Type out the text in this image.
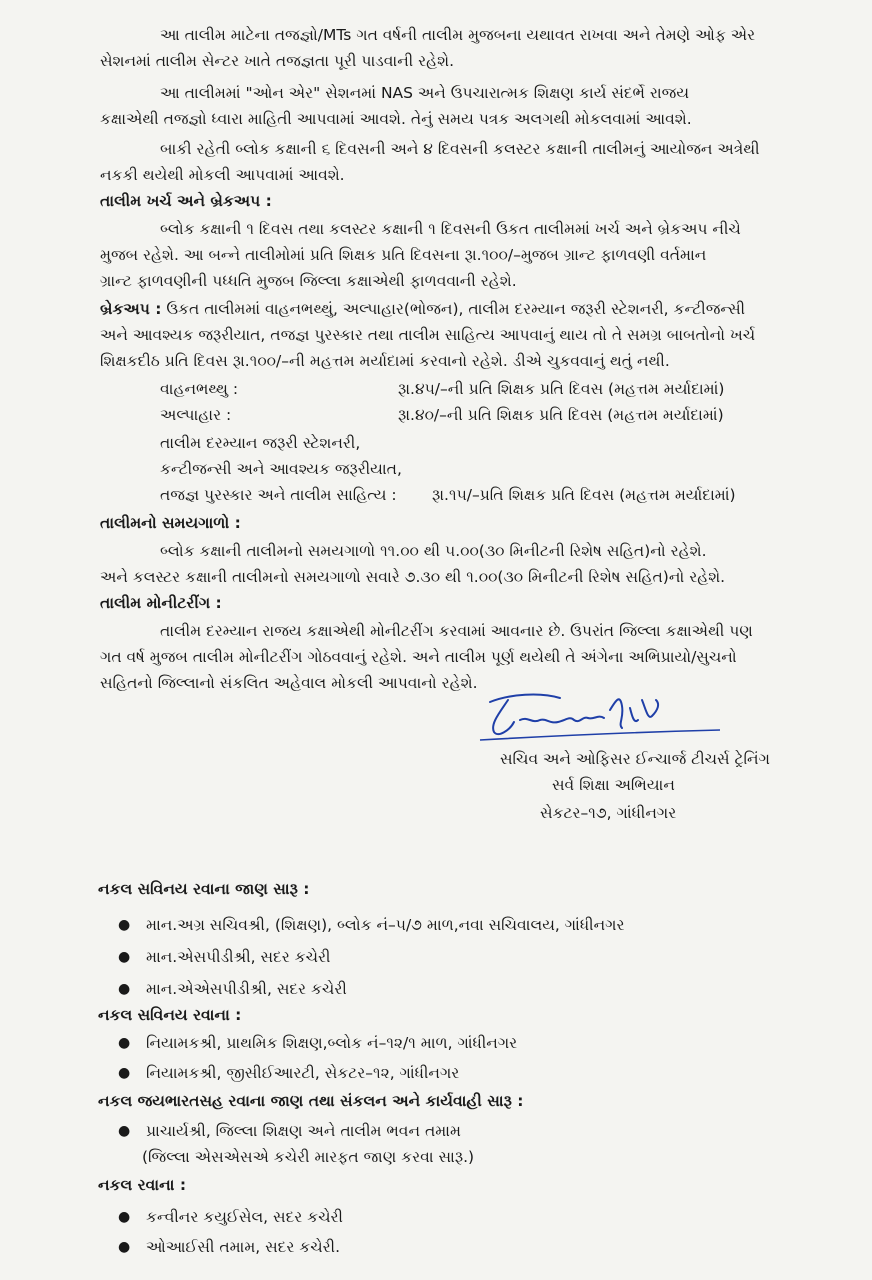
આ તાલીમ માટેના તજજ્ઞો/MTs ગત વર્ષની તાલીમ મુજબના યથાવત રાખવા અને તેમણે ઓફ એર
સેશનમાં તાલીમ સેન્ટર ખાતે તજજ્ઞતા પૂરી પાડવાની રહેશે.
આ તાલીમમાં "ઓન એર" સેશનમાં NAS અને ઉપચારાત્મક શિક્ષણ કાર્ય સંદર્ભે રાજય
કક્ષાએથી તજજ્ઞો ધ્વારા માહિતી આપવામાં આવશે. તેનું સમય પત્રક અલગથી મોકલવામાં આવશે.
બાકી રહેતી બ્લોક કક્ષાની ૬ દિવસની અને ૪ દિવસની કલસ્ટર કક્ષાની તાલીમનું આયોજન અત્રેથી
નકકી થયેથી મોકલી આપવામાં આવશે.
તાલીમ ખર્ચ અને બ્રેકઅપ :
બ્લોક કક્ષાની ૧ દિવસ તથા કલસ્ટર કક્ષાની ૧ દિવસની ઉકત તાલીમમાં ખર્ચ અને બ્રેકઅપ નીચે
મુજબ રહેશે. આ બન્ને તાલીમોમાં પ્રતિ શિક્ષક પ્રતિ દિવસના રૂા.૧૦૦/–મુજબ ગ્રાન્ટ ફાળવણી વર્તમાન
ગ્રાન્ટ ફાળવણીની પધ્ધતિ મુજબ જિલ્લા કક્ષાએથી ફાળવવાની રહેશે.
બ્રેકઅપ : ઉકત તાલીમમાં વાહનભથ્થું, અલ્પાહાર(ભોજન), તાલીમ દરમ્યાન જરૂરી સ્ટેશનરી, કન્ટીજન્સી
અને આવશ્યક જરૂરીયાત, તજજ્ઞ પુરસ્કાર તથા તાલીમ સાહિત્ય આપવાનું થાય તો તે સમગ્ર બાબતોનો ખર્ચ
શિક્ષકદીઠ પ્રતિ દિવસ રૂા.૧૦૦/–ની મહત્તમ મર્યાદામાં કરવાનો રહેશે. ડીએ ચુકવવાનું થતું નથી.
વાહનભથ્થુ :	રૂા.૪૫/–ની પ્રતિ શિક્ષક પ્રતિ દિવસ (મહત્તમ મર્યાદામાં)
અલ્પાહાર :	રૂા.૪૦/–ની પ્રતિ શિક્ષક પ્રતિ દિવસ (મહત્તમ મર્યાદામાં)
તાલીમ દરમ્યાન જરૂરી સ્ટેશનરી,
કન્ટીજન્સી અને આવશ્યક જરૂરીયાત,
તજજ્ઞ પુરસ્કાર અને તાલીમ સાહિત્ય : રૂા.૧૫/–પ્રતિ શિક્ષક પ્રતિ દિવસ (મહત્તમ મર્યાદામાં)
તાલીમનો સમયગાળો :
બ્લોક કક્ષાની તાલીમનો સમયગાળો ૧૧.૦૦ થી ૫.૦૦(૩૦ મિનીટની રિશેષ સહિત)નો રહેશે.
અને કલસ્ટર કક્ષાની તાલીમનો સમયગાળો સવારે ૭.૩૦ થી ૧.૦૦(૩૦ મિનીટની રિશેષ સહિત)નો રહેશે.
તાલીમ મોનીટરીંગ :
તાલીમ દરમ્યાન રાજય કક્ષાએથી મોનીટરીંગ કરવામાં આવનાર છે. ઉપરાંત જિલ્લા કક્ષાએથી પણ
ગત વર્ષ મુજબ તાલીમ મોનીટરીંગ ગોઠવવાનું રહેશે. અને તાલીમ પૂર્ણ થયેથી તે અંગેના અભિપ્રાયો/સુચનો
સહિતનો જિલ્લાનો સંકલિત અહેવાલ મોકલી આપવાનો રહેશે.
સચિવ અને ઓફિસર ઈન્ચાર્જ ટીચર્સ ટ્રેનિંગ
સર્વ શિક્ષા અભિયાન
સેકટર–૧૭, ગાંધીનગર
નકલ સવિનય રવાના જાણ સારૂ :
● માન.અગ્ર સચિવશ્રી, (શિક્ષણ), બ્લોક નં–૫/૭ માળ,નવા સચિવાલય, ગાંધીનગર
● માન.એસપીડીશ્રી, સદર કચેરી
● માન.એએસપીડીશ્રી, સદર કચેરી
નકલ સવિનય રવાના :
● નિયામકશ્રી, પ્રાથમિક શિક્ષણ,બ્લોક નં–૧૨/૧ માળ, ગાંધીનગર
● નિયામકશ્રી, જીસીઈઆરટી, સેકટર–૧૨, ગાંધીનગર
નકલ જયભારતસહ રવાના જાણ તથા સંકલન અને કાર્યવાહી સારૂ :
● પ્રાચાર્યશ્રી, જિલ્લા શિક્ષણ અને તાલીમ ભવન તમામ
(જિલ્લા એસએસએ કચેરી મારફત જાણ કરવા સારૂ.)
નકલ રવાના :
● કન્વીનર કયુઈસેલ, સદર કચેરી
● ઓઆઈસી તમામ, સદર કચેરી.
